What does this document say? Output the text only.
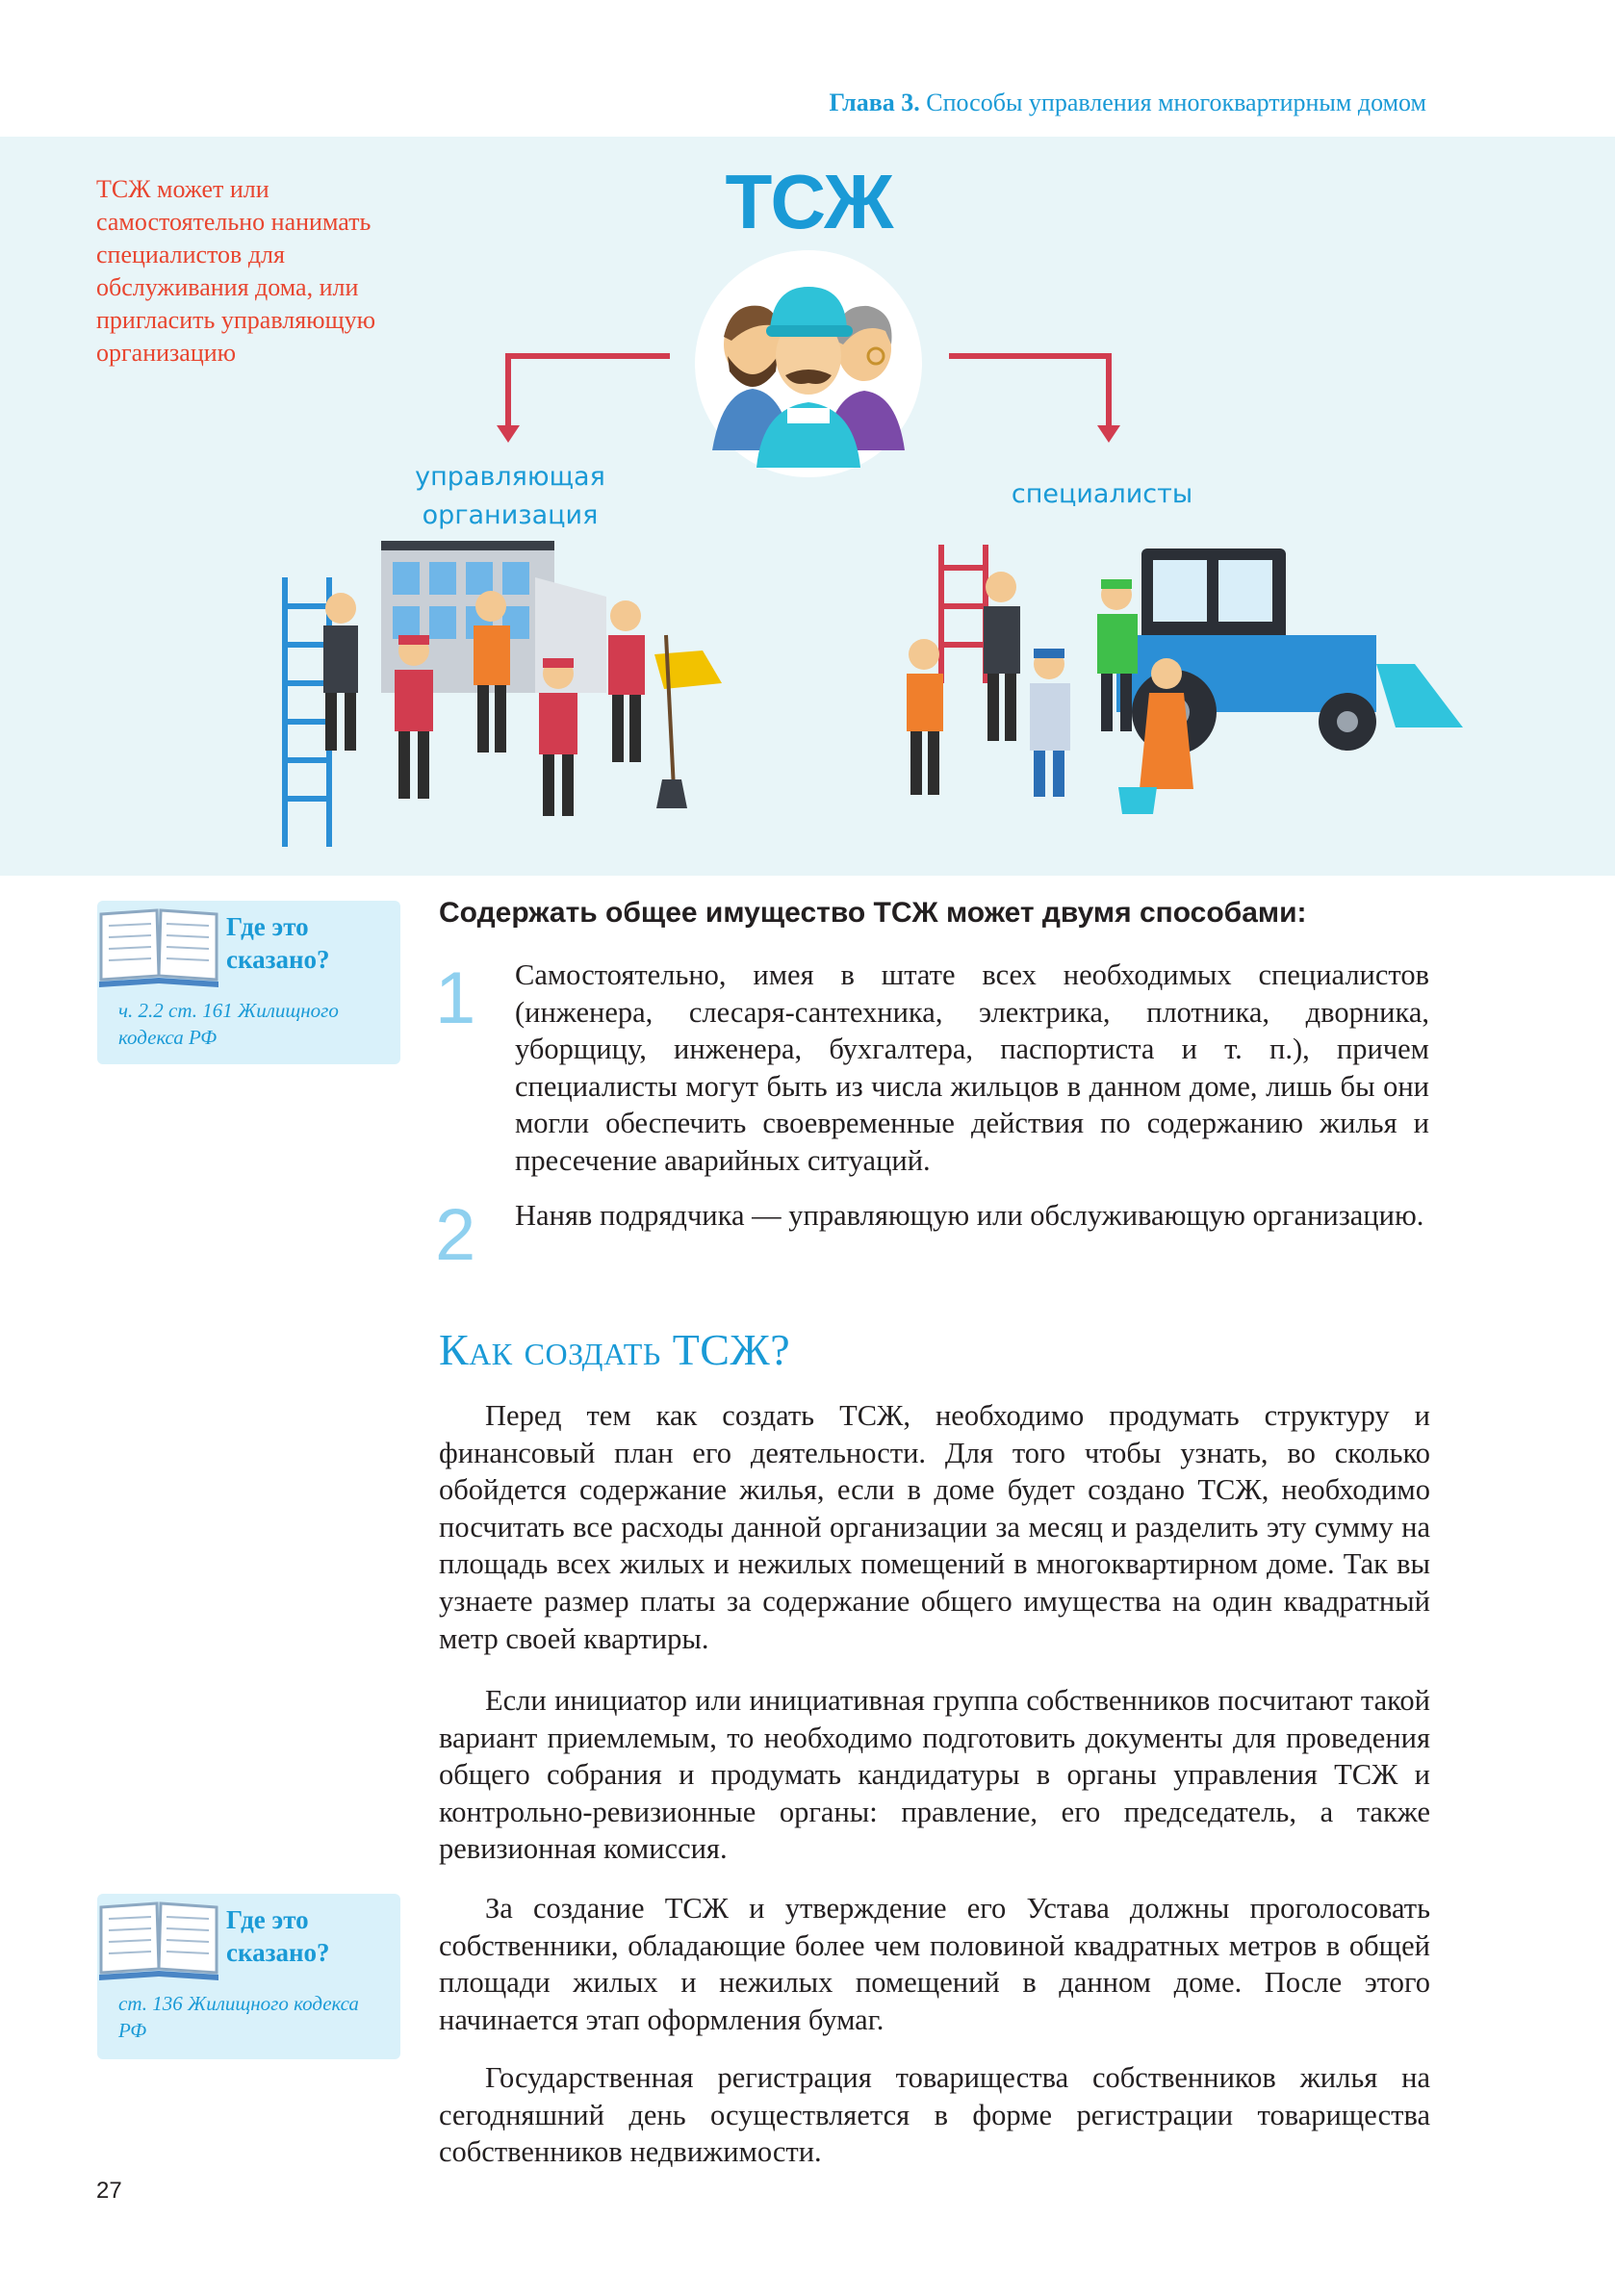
Глава 3. Способы управления многоквартирным домом
ТСЖ может или самостоятельно нанимать специалистов для обслуживания дома, или пригласить управляющую организацию
ТСЖ
управляющая организация
специалисты
Где это сказано?
ч. 2.2 ст. 161 Жилищного кодекса РФ
Где это сказано?
ст. 136 Жилищного кодекса РФ
Содержать общее имущество ТСЖ может двумя способами:
1 Самостоятельно, имея в штате всех необходимых специалистов (инженера, слесаря-сантехника, электрика, плотника, дворника, уборщицу, инженера, бухгалтера, паспортиста и т. п.), причем специалисты могут быть из числа жильцов в данном доме, лишь бы они могли обеспечить своевременные действия по содержанию жилья и пресечение аварийных ситуаций.
2 Наняв подрядчика — управляющую или обслуживающую организацию.
Как создать ТСЖ?
Перед тем как создать ТСЖ, необходимо продумать структуру и финансовый план его деятельности. Для того чтобы узнать, во сколько обойдется содержание жилья, если в доме будет создано ТСЖ, необходимо посчитать все расходы данной организации за месяц и разделить эту сумму на площадь всех жилых и нежилых помещений в многоквартирном доме. Так вы узнаете размер платы за содержание общего имущества на один квадратный метр своей квартиры.
Если инициатор или инициативная группа собственников посчитают такой вариант приемлемым, то необходимо подготовить документы для проведения общего собрания и продумать кандидатуры в органы управления ТСЖ и контрольно-ревизионные органы: правление, его председатель, а также ревизионная комиссия.
За создание ТСЖ и утверждение его Устава должны проголосовать собственники, обладающие более чем половиной квадратных метров в общей площади жилых и нежилых помещений в данном доме. После этого начинается этап оформления бумаг.
Государственная регистрация товарищества собственников жилья на сегодняшний день осуществляется в форме регистрации товарищества собственников недвижимости.
27
